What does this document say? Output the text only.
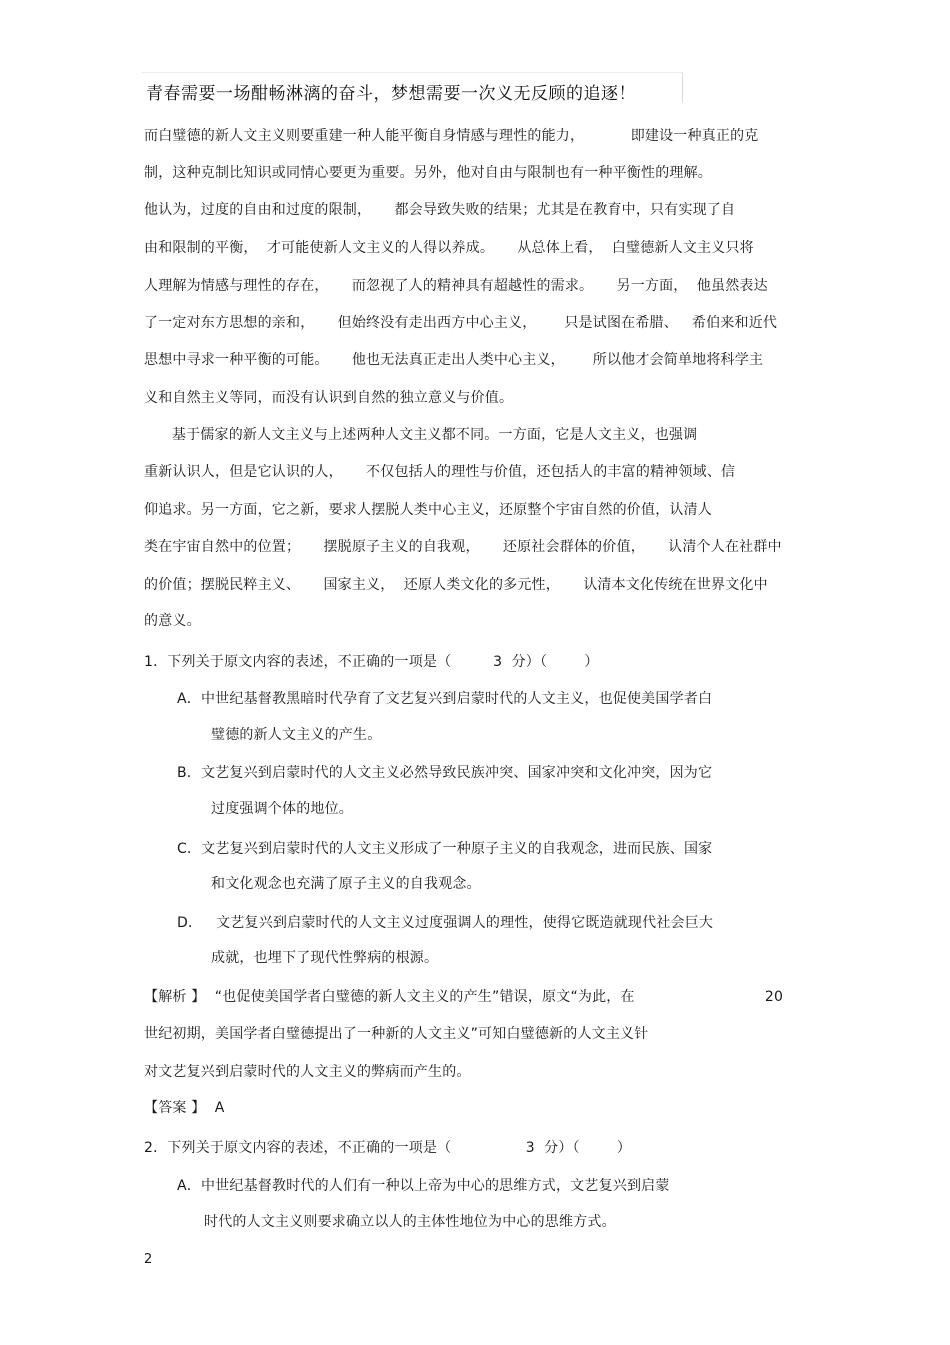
青春需要一场酣畅淋漓的奋斗，梦想需要一次义无反顾的追逐！
而白璧德的新人文主义则要重建一种人能平衡自身情感与理性的能力，          即建设一种真正的克
制，这种克制比知识或同情心要更为重要。另外，他对自由与限制也有一种平衡性的理解。
他认为，过度的自由和过度的限制，     都会导致失败的结果；尤其是在教育中，只有实现了自
由和限制的平衡，  才可能使新人文主义的人得以养成。     从总体上看，  白璧德新人文主义只将
人理解为情感与理性的存在，     而忽视了人的精神具有超越性的需求。     另一方面，  他虽然表达
了一定对东方思想的亲和，     但始终没有走出西方中心主义，      只是试图在希腊、   希伯来和近代
思想中寻求一种平衡的可能。     他也无法真正走出人类中心主义，      所以他才会简单地将科学主
义和自然主义等同，而没有认识到自然的独立意义与价值。
基于儒家的新人文主义与上述两种人文主义都不同。一方面，它是人文主义，也强调
重新认识人，但是它认识的人，     不仅包括人的理性与价值，还包括人的丰富的精神领域、信
仰追求。另一方面，它之新，要求人摆脱人类中心主义，还原整个宇宙自然的价值，认清人
类在宇宙自然中的位置；     摆脱原子主义的自我观，     还原社会群体的价值，     认清个人在社群中
的价值；摆脱民粹主义、     国家主义，  还原人类文化的多元性，     认清本文化传统在世界文化中
的意义。
1．下列关于原文内容的表述，不正确的一项是（         3  分）（        ）
A．中世纪基督教黑暗时代孕育了文艺复兴到启蒙时代的人文主义，也促使美国学者白
璧德的新人文主义的产生。
B．文艺复兴到启蒙时代的人文主义必然导致民族冲突、国家冲突和文化冲突，因为它
过度强调个体的地位。
C．文艺复兴到启蒙时代的人文主义形成了一种原子主义的自我观念，进而民族、国家
和文化观念也充满了原子主义的自我观念。
D．   文艺复兴到启蒙时代的人文主义过度强调人的理性，使得它既造就现代社会巨大
成就，也埋下了现代性弊病的根源。
【解析 】  “也促使美国学者白璧德的新人文主义的产生”错误，原文“为此，在                            20
世纪初期，美国学者白璧德提出了一种新的人文主义”可知白璧德新的人文主义针
对文艺复兴到启蒙时代的人文主义的弊病而产生的。
【答案 】  A
2．下列关于原文内容的表述，不正确的一项是（                3  分）（        ）
A．中世纪基督教时代的人们有一种以上帝为中心的思维方式，文艺复兴到启蒙
时代的人文主义则要求确立以人的主体性地位为中心的思维方式。
2
